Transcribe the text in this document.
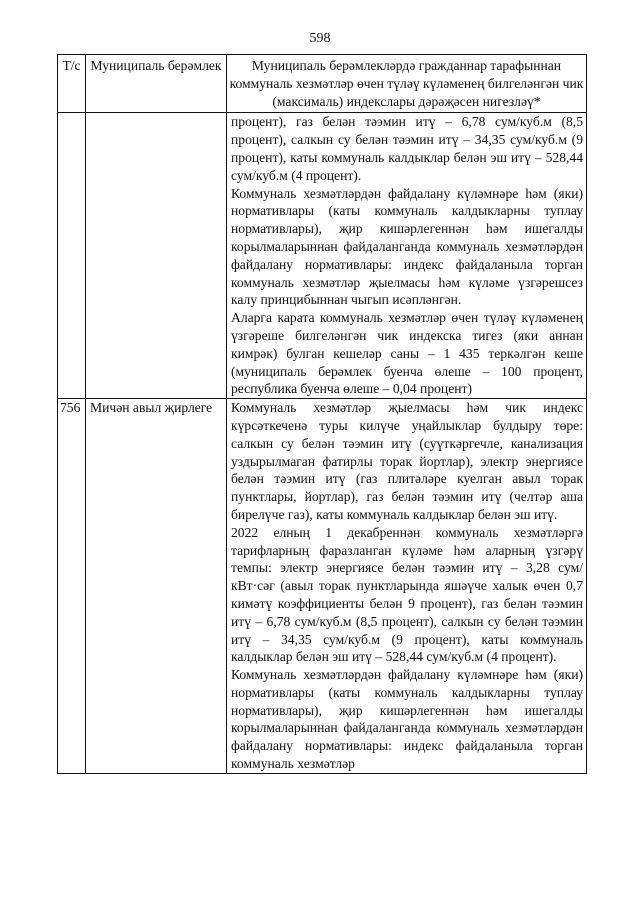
598
Т/с	Муниципаль берәмлек	Муниципаль берәмлекләрдә гражданнар тарафыннан коммуналь хезмәтләр өчен түләү күләменең билгеләнгән чик (максималь) индекслары дәрәҗәсен нигезләү*

		процент), газ белән тәэмин итү – 6,78 сум/куб.м (8,5 процент), салкын су белән тәэмин итү – 34,35 сум/куб.м (9 процент), каты коммуналь калдыклар белән эш итү – 528,44 сум/куб.м (4 процент).

Коммуналь хезмәтләрдән файдалану күләмнәре һәм (яки) нормативлары (каты коммуналь калдыкларны туплау нормативлары), җир кишәрлегеннән һәм ишегалды корылмаларыннан файдаланганда коммуналь хезмәтләрдән файдалану нормативлары: индекс файдаланыла торган коммуналь хезмәтләр җыелмасы һәм күләме үзгәрешсез калу принцибыннан чыгып исәпләнгән.

Аларга карата коммуналь хезмәтләр өчен түләү күләменең үзгәреше билгеләнгән чик индекска тигез (яки аннан кимрәк) булган кешеләр саны – 1 435 теркәлгән кеше (муниципаль берәмлек буенча өлеше – 100 процент, республика буенча өлеше – 0,04 процент)

756	Мичән авыл җирлеге	Коммуналь хезмәтләр җыелмасы һәм чик индекс күрсәткеченә туры килүче уңайлыклар булдыру төре: салкын су белән тәэмин итү (суүткәргечле, канализация уздырылмаган фатирлы торак йортлар), электр энергиясе белән тәэмин итү (газ плитәләре куелган авыл торак пунктлары, йортлар), газ белән тәэмин итү (челтәр аша бирелүче газ), каты коммуналь калдыклар белән эш итү.

2022 елның 1 декабреннән коммуналь хезмәтләргә тарифларның фаразланган күләме һәм аларның үзгәрү темпы: электр энергиясе белән тәэмин итү – 3,28 сум/кВт·сәг (авыл торак пунктларында яшәүче халык өчен 0,7 кимәтү коэффициенты белән 9 процент), газ белән тәэмин итү – 6,78 сум/куб.м (8,5 процент), салкын су белән тәэмин итү – 34,35 сум/куб.м (9 процент), каты коммуналь калдыклар белән эш итү – 528,44 сум/куб.м (4 процент).

Коммуналь хезмәтләрдән файдалану күләмнәре һәм (яки) нормативлары (каты коммуналь калдыкларны туплау нормативлары), җир кишәрлегеннән һәм ишегалды корылмаларыннан файдаланганда коммуналь хезмәтләрдән файдалану нормативлары: индекс файдаланыла торган коммуналь хезмәтләр
